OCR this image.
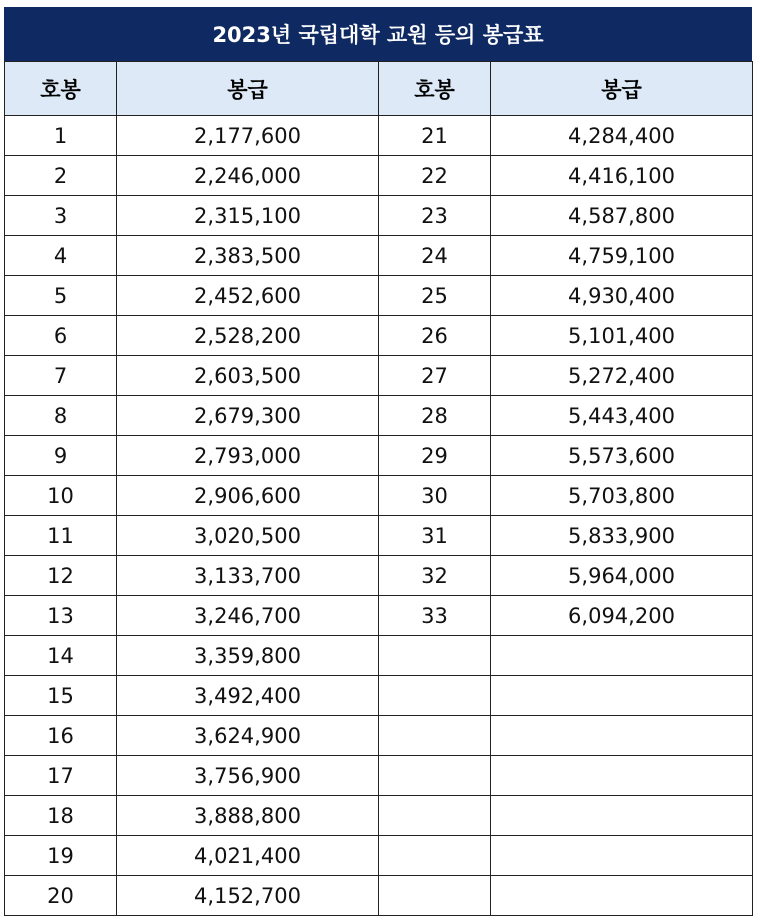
2023년 국립대학 교원 등의 봉급표
호봉	봉급	호봉	봉급
1	2,177,600	21	4,284,400
2	2,246,000	22	4,416,100
3	2,315,100	23	4,587,800
4	2,383,500	24	4,759,100
5	2,452,600	25	4,930,400
6	2,528,200	26	5,101,400
7	2,603,500	27	5,272,400
8	2,679,300	28	5,443,400
9	2,793,000	29	5,573,600
10	2,906,600	30	5,703,800
11	3,020,500	31	5,833,900
12	3,133,700	32	5,964,000
13	3,246,700	33	6,094,200
14	3,359,800		
15	3,492,400		
16	3,624,900		
17	3,756,900		
18	3,888,800		
19	4,021,400		
20	4,152,700		
